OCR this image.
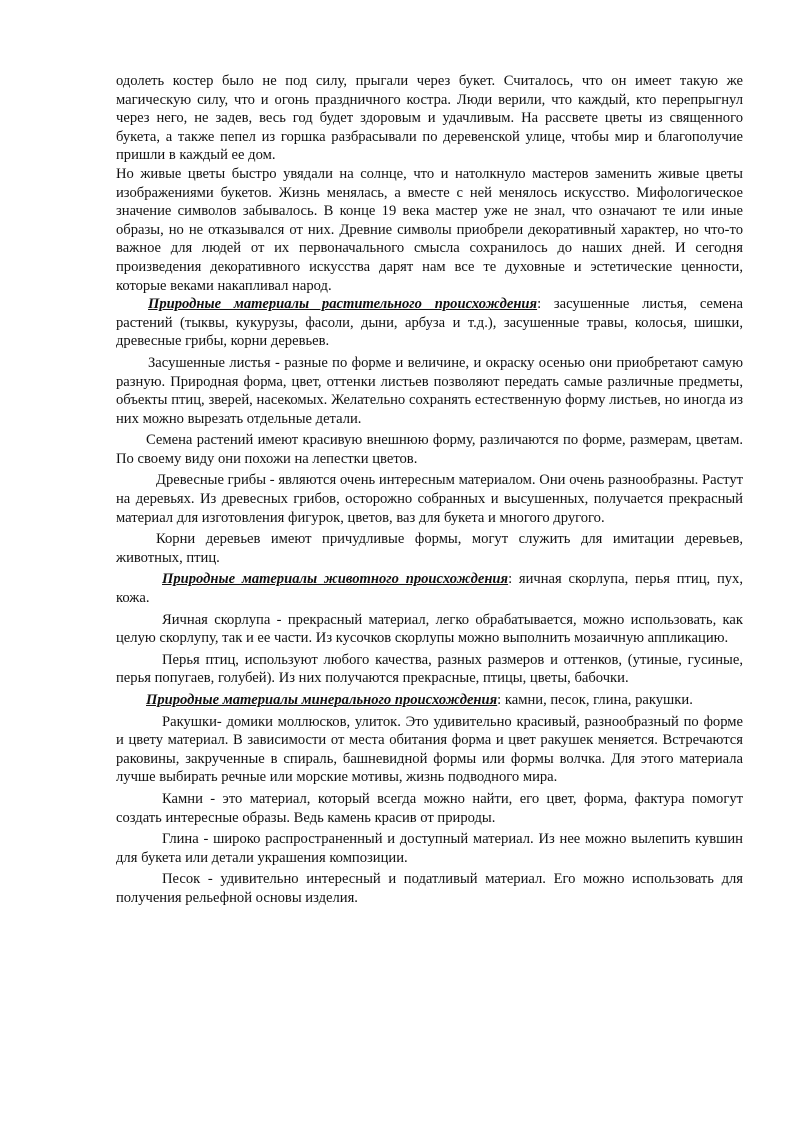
одолеть костер было не под силу, прыгали через букет. Считалось, что он имеет такую же магическую силу, что и огонь праздничного костра. Люди верили, что каждый, кто перепрыгнул через него, не задев, весь год будет здоровым и удачливым. На рассвете цветы из священного букета, а также пепел из горшка разбрасывали по деревенской улице, чтобы мир и благополучие пришли в каждый ее дом.

Но живые цветы быстро увядали на солнце, что и натолкнуло мастеров заменить живые цветы изображениями букетов. Жизнь менялась, а вместе с ней менялось искусство. Мифологическое значение символов забывалось. В конце 19 века мастер уже не знал, что означают те или иные образы, но не отказывался от них. Древние символы приобрели декоративный характер, но что-то важное для людей от их первоначального смысла сохранилось до наших дней. И сегодня произведения декоративного искусства дарят нам все те духовные и эстетические ценности, которые веками накапливал народ.

Природные материалы растительного происхождения: засушенные листья, семена растений (тыквы, кукурузы, фасоли, дыни, арбуза и т.д.), засушенные травы, колосья, шишки, древесные грибы, корни деревьев.

Засушенные листья - разные по форме и величине, и окраску осенью они приобретают самую разную. Природная форма, цвет, оттенки листьев позволяют передать самые различные предметы, объекты птиц, зверей, насекомых. Желательно сохранять естественную форму листьев, но иногда из них можно вырезать отдельные детали.

Семена растений имеют красивую внешнюю форму, различаются по форме, размерам, цветам. По своему виду они похожи на лепестки цветов.

Древесные грибы - являются очень интересным материалом. Они очень разнообразны. Растут на деревьях. Из древесных грибов, осторожно собранных и высушенных, получается прекрасный материал для изготовления фигурок, цветов, ваз для букета и многого другого.

Корни деревьев имеют причудливые формы, могут служить для имитации деревьев, животных, птиц.

Природные материалы животного происхождения: яичная скорлупа, перья птиц, пух, кожа.

Яичная скорлупа - прекрасный материал, легко обрабатывается, можно использовать, как целую скорлупу, так и ее части. Из кусочков скорлупы можно выполнить мозаичную аппликацию.

Перья птиц, используют любого качества, разных размеров и оттенков, (утиные, гусиные, перья попугаев, голубей). Из них получаются прекрасные, птицы, цветы, бабочки.

Природные материалы минерального происхождения: камни, песок, глина, ракушки.

Ракушки- домики моллюсков, улиток. Это удивительно красивый, разнообразный по форме и цвету материал. В зависимости от места обитания форма и цвет ракушек меняется. Встречаются раковины, закрученные в спираль, башневидной формы или формы волчка. Для этого материала лучше выбирать речные или морские мотивы, жизнь подводного мира.

Камни - это материал, который всегда можно найти, его цвет, форма, фактура помогут создать интересные образы. Ведь камень красив от природы.

Глина - широко распространенный и доступный материал. Из нее можно вылепить кувшин для букета или детали украшения композиции.

Песок - удивительно интересный и податливый материал. Его можно использовать для получения рельефной основы изделия.
